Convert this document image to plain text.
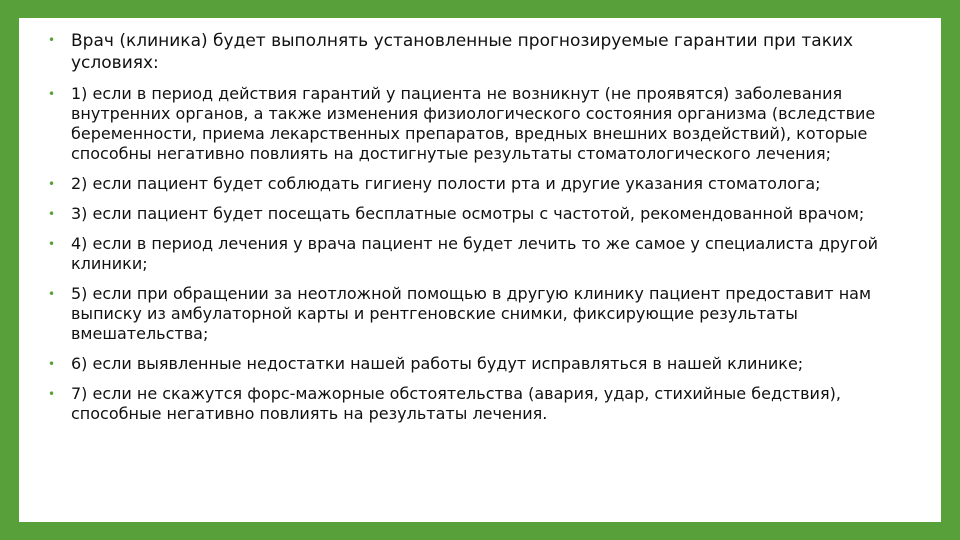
• Врач (клиника) будет выполнять установленные прогнозируемые гарантии при таких условиях:
• 1) если в период действия гарантий у пациента не возникнут (не проявятся) заболевания внутренних органов, а также изменения физиологического состояния организма (вследствие беременности, приема лекарственных препаратов, вредных внешних воздействий), которые способны негативно повлиять на достигнутые результаты стоматологического лечения;
• 2) если пациент будет соблюдать гигиену полости рта и другие указания стоматолога;
• 3) если пациент будет посещать бесплатные осмотры с частотой, рекомендованной врачом;
• 4) если в период лечения у врача пациент не будет лечить то же самое у специалиста другой клиники;
• 5) если при обращении за неотложной помощью в другую клинику пациент предоставит нам выписку из амбулаторной карты и рентгеновские снимки, фиксирующие результаты вмешательства;
• 6) если выявленные недостатки нашей работы будут исправляться в нашей клинике;
• 7) если не скажутся форс-мажорные обстоятельства (авария, удар, стихийные бедствия), способные негативно повлиять на результаты лечения.
